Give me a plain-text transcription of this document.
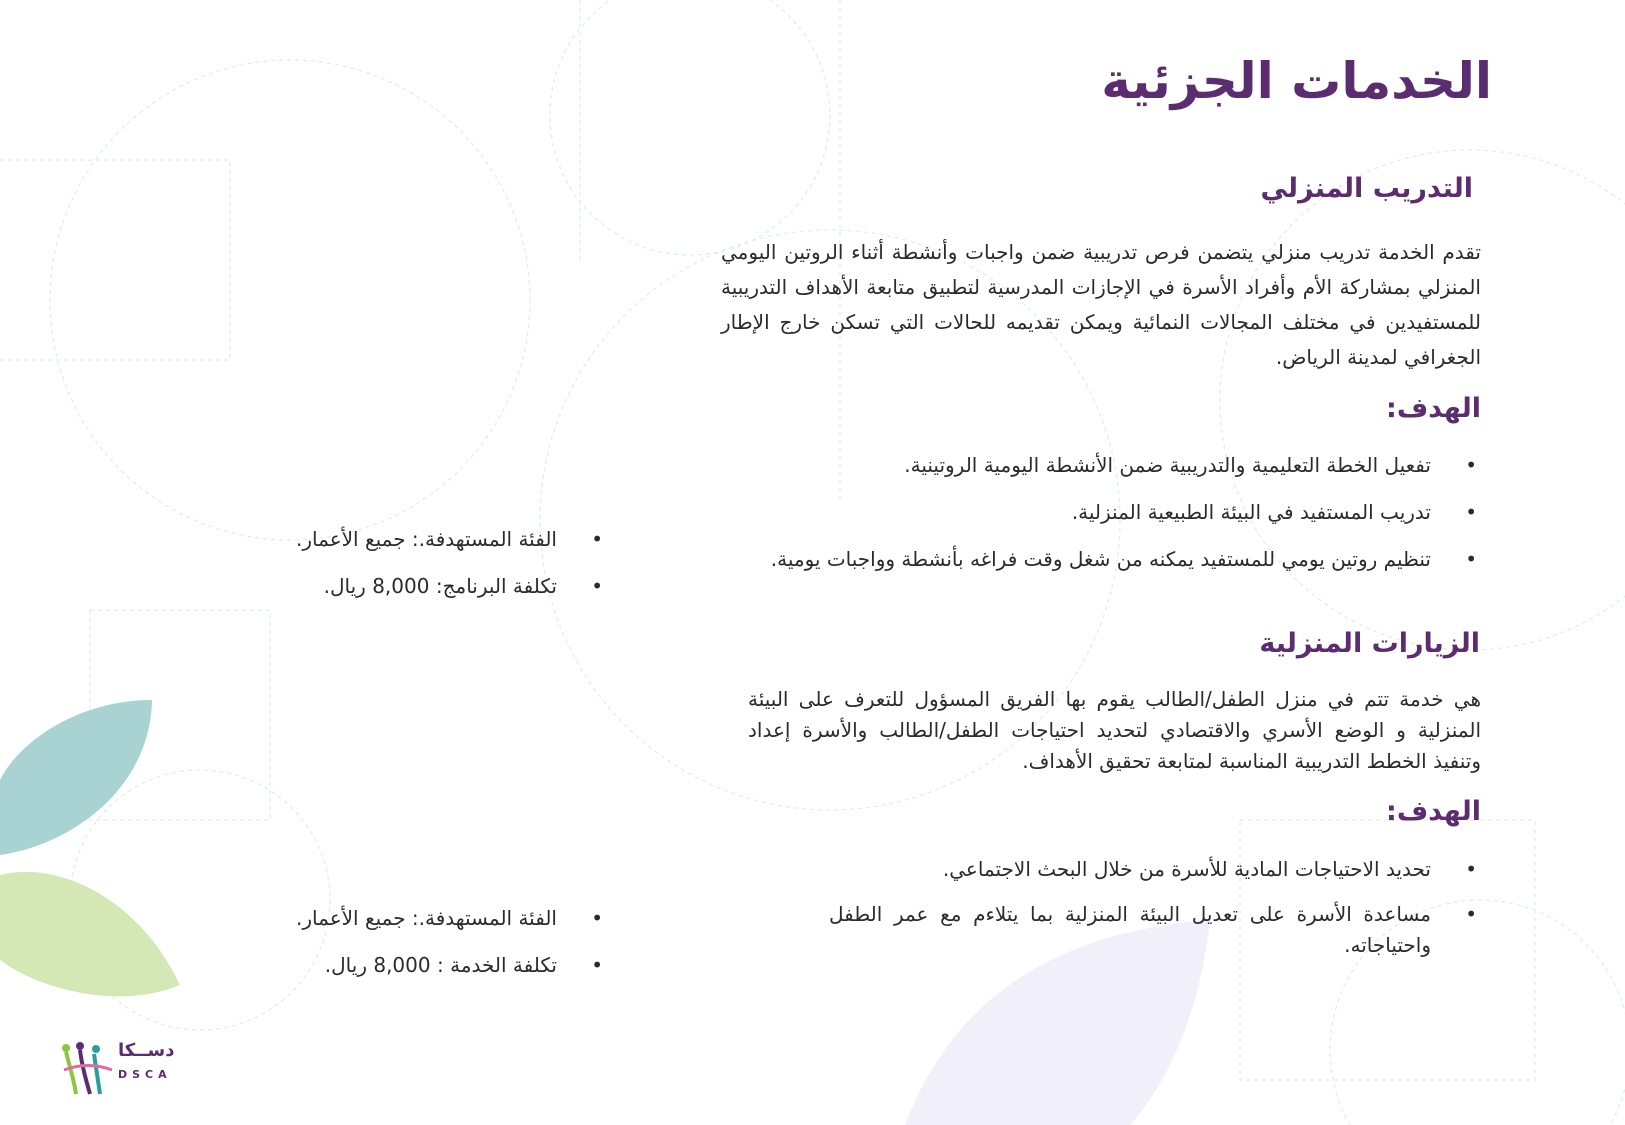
الخدمات الجزئية
التدريب المنزلي

تقدم الخدمة تدريب منزلي يتضمن فرص تدريبية ضمن واجبات وأنشطة أثناء الروتين اليومي المنزلي بمشاركة الأم وأفراد الأسرة في الإجازات المدرسية لتطبيق متابعة الأهداف التدريبية للمستفيدين في مختلف المجالات النمائية ويمكن تقديمه للحالات التي تسكن خارج الإطار الجغرافي لمدينة الرياض.

الهدف:
• تفعيل الخطة التعليمية والتدريبية ضمن الأنشطة اليومية الروتينية.
• تدريب المستفيد في البيئة الطبيعية المنزلية.
• تنظيم روتين يومي للمستفيد يمكنه من شغل وقت فراغه بأنشطة وواجبات يومية.
• الفئة المستهدفة.: جميع الأعمار.
• تكلفة البرنامج: 8,000 ريال.
الزيارات المنزلية

هي خدمة تتم في منزل الطفل/الطالب يقوم بها الفريق المسؤول للتعرف على البيئة المنزلية و الوضع الأسري والاقتصادي لتحديد احتياجات الطفل/الطالب والأسرة إعداد وتنفيذ الخطط التدريبية المناسبة لمتابعة تحقيق الأهداف.

الهدف:
• تحديد الاحتياجات المادية للأسرة من خلال البحث الاجتماعي.
• مساعدة الأسرة على تعديل البيئة المنزلية بما يتلاءم مع عمر الطفل واحتياجاته.
• الفئة المستهدفة.: جميع الأعمار.
• تكلفة الخدمة : 8,000 ريال.
دســكا
DSCA
